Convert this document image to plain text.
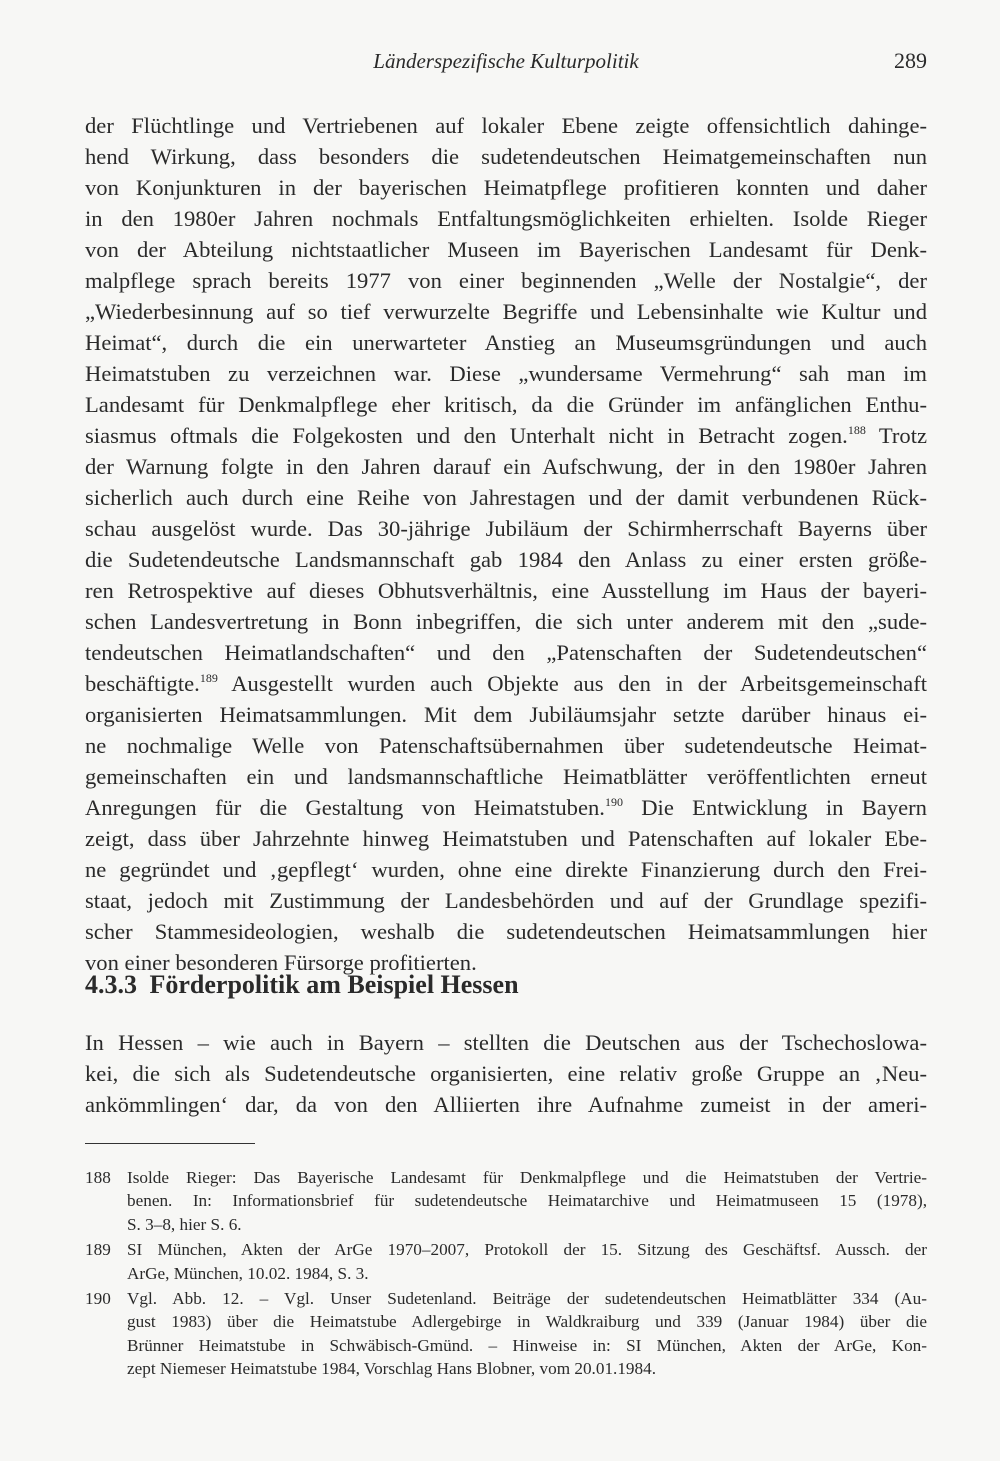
Länderspezifische Kulturpolitik	289
der Flüchtlinge und Vertriebenen auf lokaler Ebene zeigte offensichtlich dahinge-
hend Wirkung, dass besonders die sudetendeutschen Heimatgemeinschaften nun
von Konjunkturen in der bayerischen Heimatpflege profitieren konnten und daher
in den 1980er Jahren nochmals Entfaltungsmöglichkeiten erhielten. Isolde Rieger
von der Abteilung nichtstaatlicher Museen im Bayerischen Landesamt für Denk-
malpflege sprach bereits 1977 von einer beginnenden „Welle der Nostalgie“, der
„Wiederbesinnung auf so tief verwurzelte Begriffe und Lebensinhalte wie Kultur und
Heimat“, durch die ein unerwarteter Anstieg an Museumsgründungen und auch
Heimatstuben zu verzeichnen war. Diese „wundersame Vermehrung“ sah man im
Landesamt für Denkmalpflege eher kritisch, da die Gründer im anfänglichen Enthu-
siasmus oftmals die Folgekosten und den Unterhalt nicht in Betracht zogen.$^{188}$ Trotz
der Warnung folgte in den Jahren darauf ein Aufschwung, der in den 1980er Jahren
sicherlich auch durch eine Reihe von Jahrestagen und der damit verbundenen Rück-
schau ausgelöst wurde. Das 30-jährige Jubiläum der Schirmherrschaft Bayerns über
die Sudetendeutsche Landsmannschaft gab 1984 den Anlass zu einer ersten größe-
ren Retrospektive auf dieses Obhutsverhältnis, eine Ausstellung im Haus der bayeri-
schen Landesvertretung in Bonn inbegriffen, die sich unter anderem mit den „sude-
tendeutschen Heimatlandschaften“ und den „Patenschaften der Sudetendeutschen“
beschäftigte.$^{189}$ Ausgestellt wurden auch Objekte aus den in der Arbeitsgemeinschaft
organisierten Heimatsammlungen. Mit dem Jubiläumsjahr setzte darüber hinaus ei-
ne nochmalige Welle von Patenschaftsübernahmen über sudetendeutsche Heimat-
gemeinschaften ein und landsmannschaftliche Heimatblätter veröffentlichten erneut
Anregungen für die Gestaltung von Heimatstuben.$^{190}$ Die Entwicklung in Bayern
zeigt, dass über Jahrzehnte hinweg Heimatstuben und Patenschaften auf lokaler Ebe-
ne gegründet und ‚gepflegt‘ wurden, ohne eine direkte Finanzierung durch den Frei-
staat, jedoch mit Zustimmung der Landesbehörden und auf der Grundlage spezifi-
scher Stammesideologien, weshalb die sudetendeutschen Heimatsammlungen hier
von einer besonderen Fürsorge profitierten.
4.3.3 Förderpolitik am Beispiel Hessen
In Hessen – wie auch in Bayern – stellten die Deutschen aus der Tschechoslowa-
kei, die sich als Sudetendeutsche organisierten, eine relativ große Gruppe an ‚Neu-
ankömmlingen‘ dar, da von den Alliierten ihre Aufnahme zumeist in der ameri-
188 Isolde Rieger: Das Bayerische Landesamt für Denkmalpflege und die Heimatstuben der Vertrie-
benen. In: Informationsbrief für sudetendeutsche Heimatarchive und Heimatmuseen 15 (1978),
S. 3–8, hier S. 6.
189 SI München, Akten der ArGe 1970–2007, Protokoll der 15. Sitzung des Geschäftsf. Aussch. der
ArGe, München, 10.02. 1984, S. 3.
190 Vgl. Abb. 12. – Vgl. Unser Sudetenland. Beiträge der sudetendeutschen Heimatblätter 334 (Au-
gust 1983) über die Heimatstube Adlergebirge in Waldkraiburg und 339 (Januar 1984) über die
Brünner Heimatstube in Schwäbisch-Gmünd. – Hinweise in: SI München, Akten der ArGe, Kon-
zept Niemeser Heimatstube 1984, Vorschlag Hans Blobner, vom 20.01.1984.
